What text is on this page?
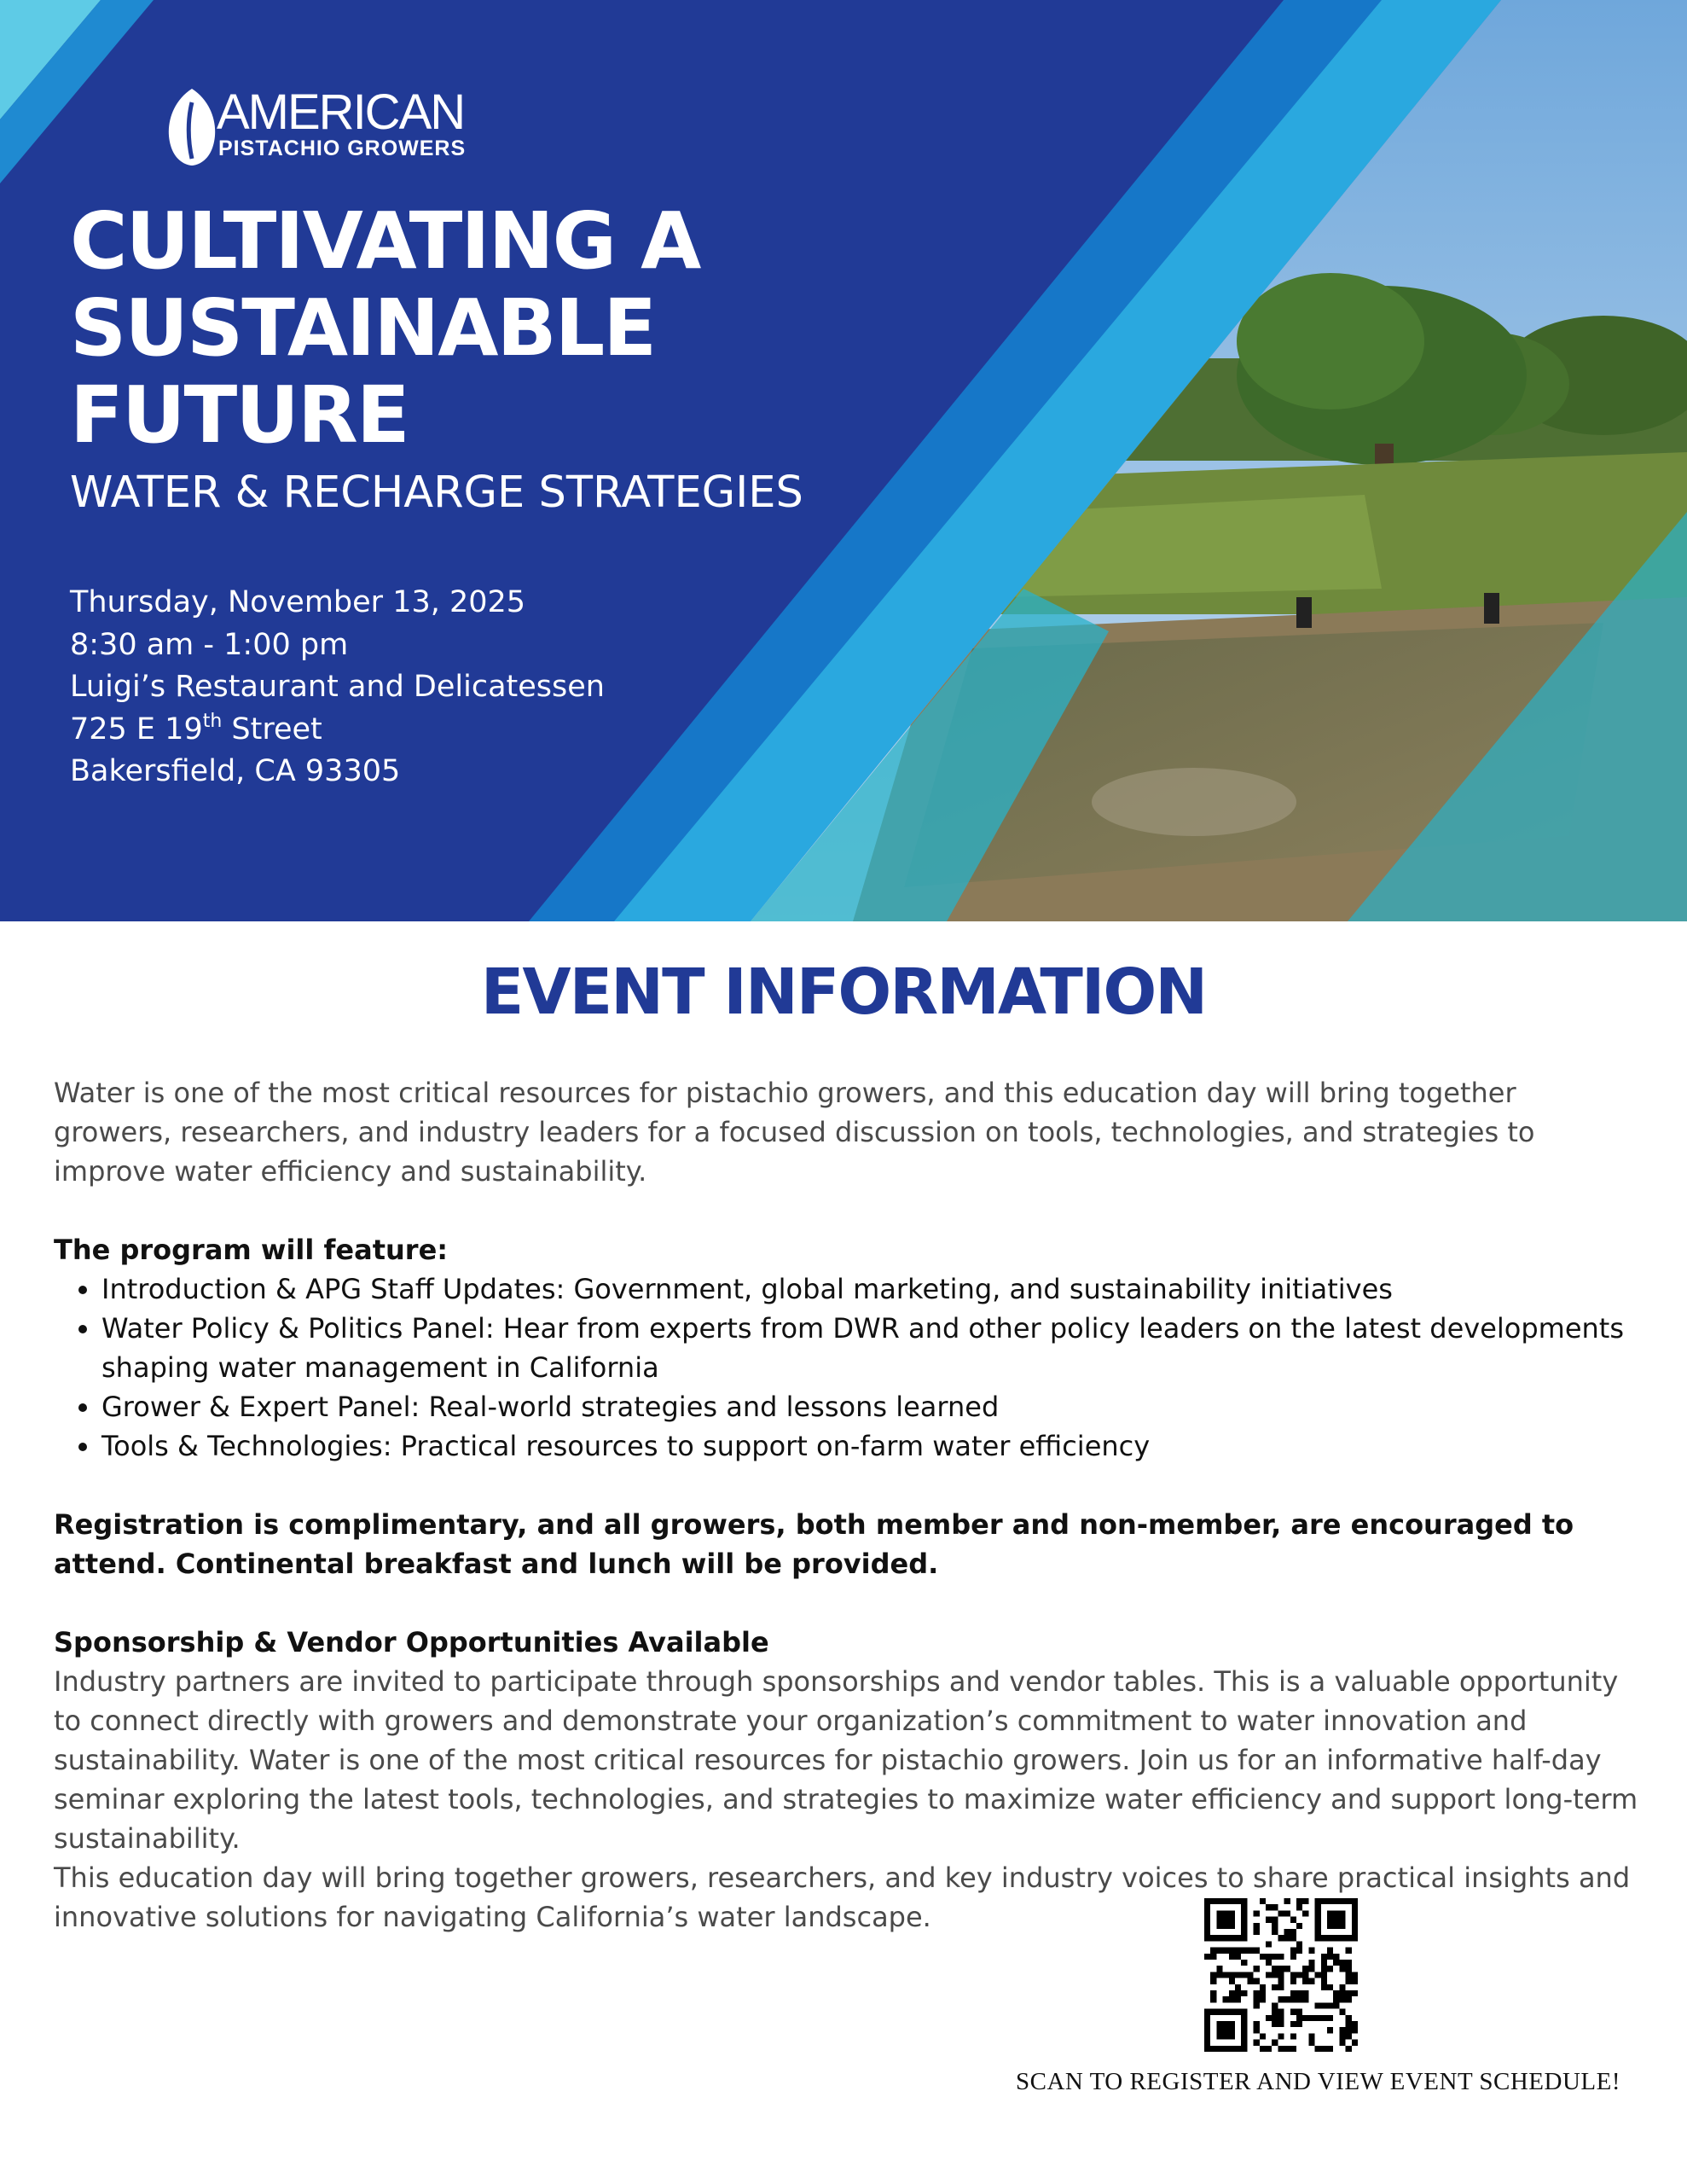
AMERICAN
PISTACHIO GROWERS
CULTIVATING A
SUSTAINABLE
FUTURE
WATER & RECHARGE STRATEGIES
Thursday, November 13, 2025
8:30 am - 1:00 pm
Luigi’s Restaurant and Delicatessen
725 E 19th Street
Bakersfield, CA 93305
EVENT INFORMATION

Water is one of the most critical resources for pistachio growers, and this education day will bring together growers, researchers, and industry leaders for a focused discussion on tools, technologies, and strategies to improve water efficiency and sustainability.

The program will feature:

• Introduction & APG Staff Updates: Government, global marketing, and sustainability initiatives
• Water Policy & Politics Panel: Hear from experts from DWR and other policy leaders on the latest developments shaping water management in California
• Grower & Expert Panel: Real-world strategies and lessons learned
• Tools & Technologies: Practical resources to support on-farm water efficiency

Registration is complimentary, and all growers, both member and non-member, are encouraged to attend. Continental breakfast and lunch will be provided.

Sponsorship & Vendor Opportunities Available

Industry partners are invited to participate through sponsorships and vendor tables. This is a valuable opportunity to connect directly with growers and demonstrate your organization’s commitment to water innovation and sustainability. Water is one of the most critical resources for pistachio growers. Join us for an informative half-day seminar exploring the latest tools, technologies, and strategies to maximize water efficiency and support long-term sustainability.

This education day will bring together growers, researchers, and key industry voices to share practical insights and innovative solutions for navigating California’s water landscape.

SCAN TO REGISTER AND VIEW EVENT SCHEDULE!
